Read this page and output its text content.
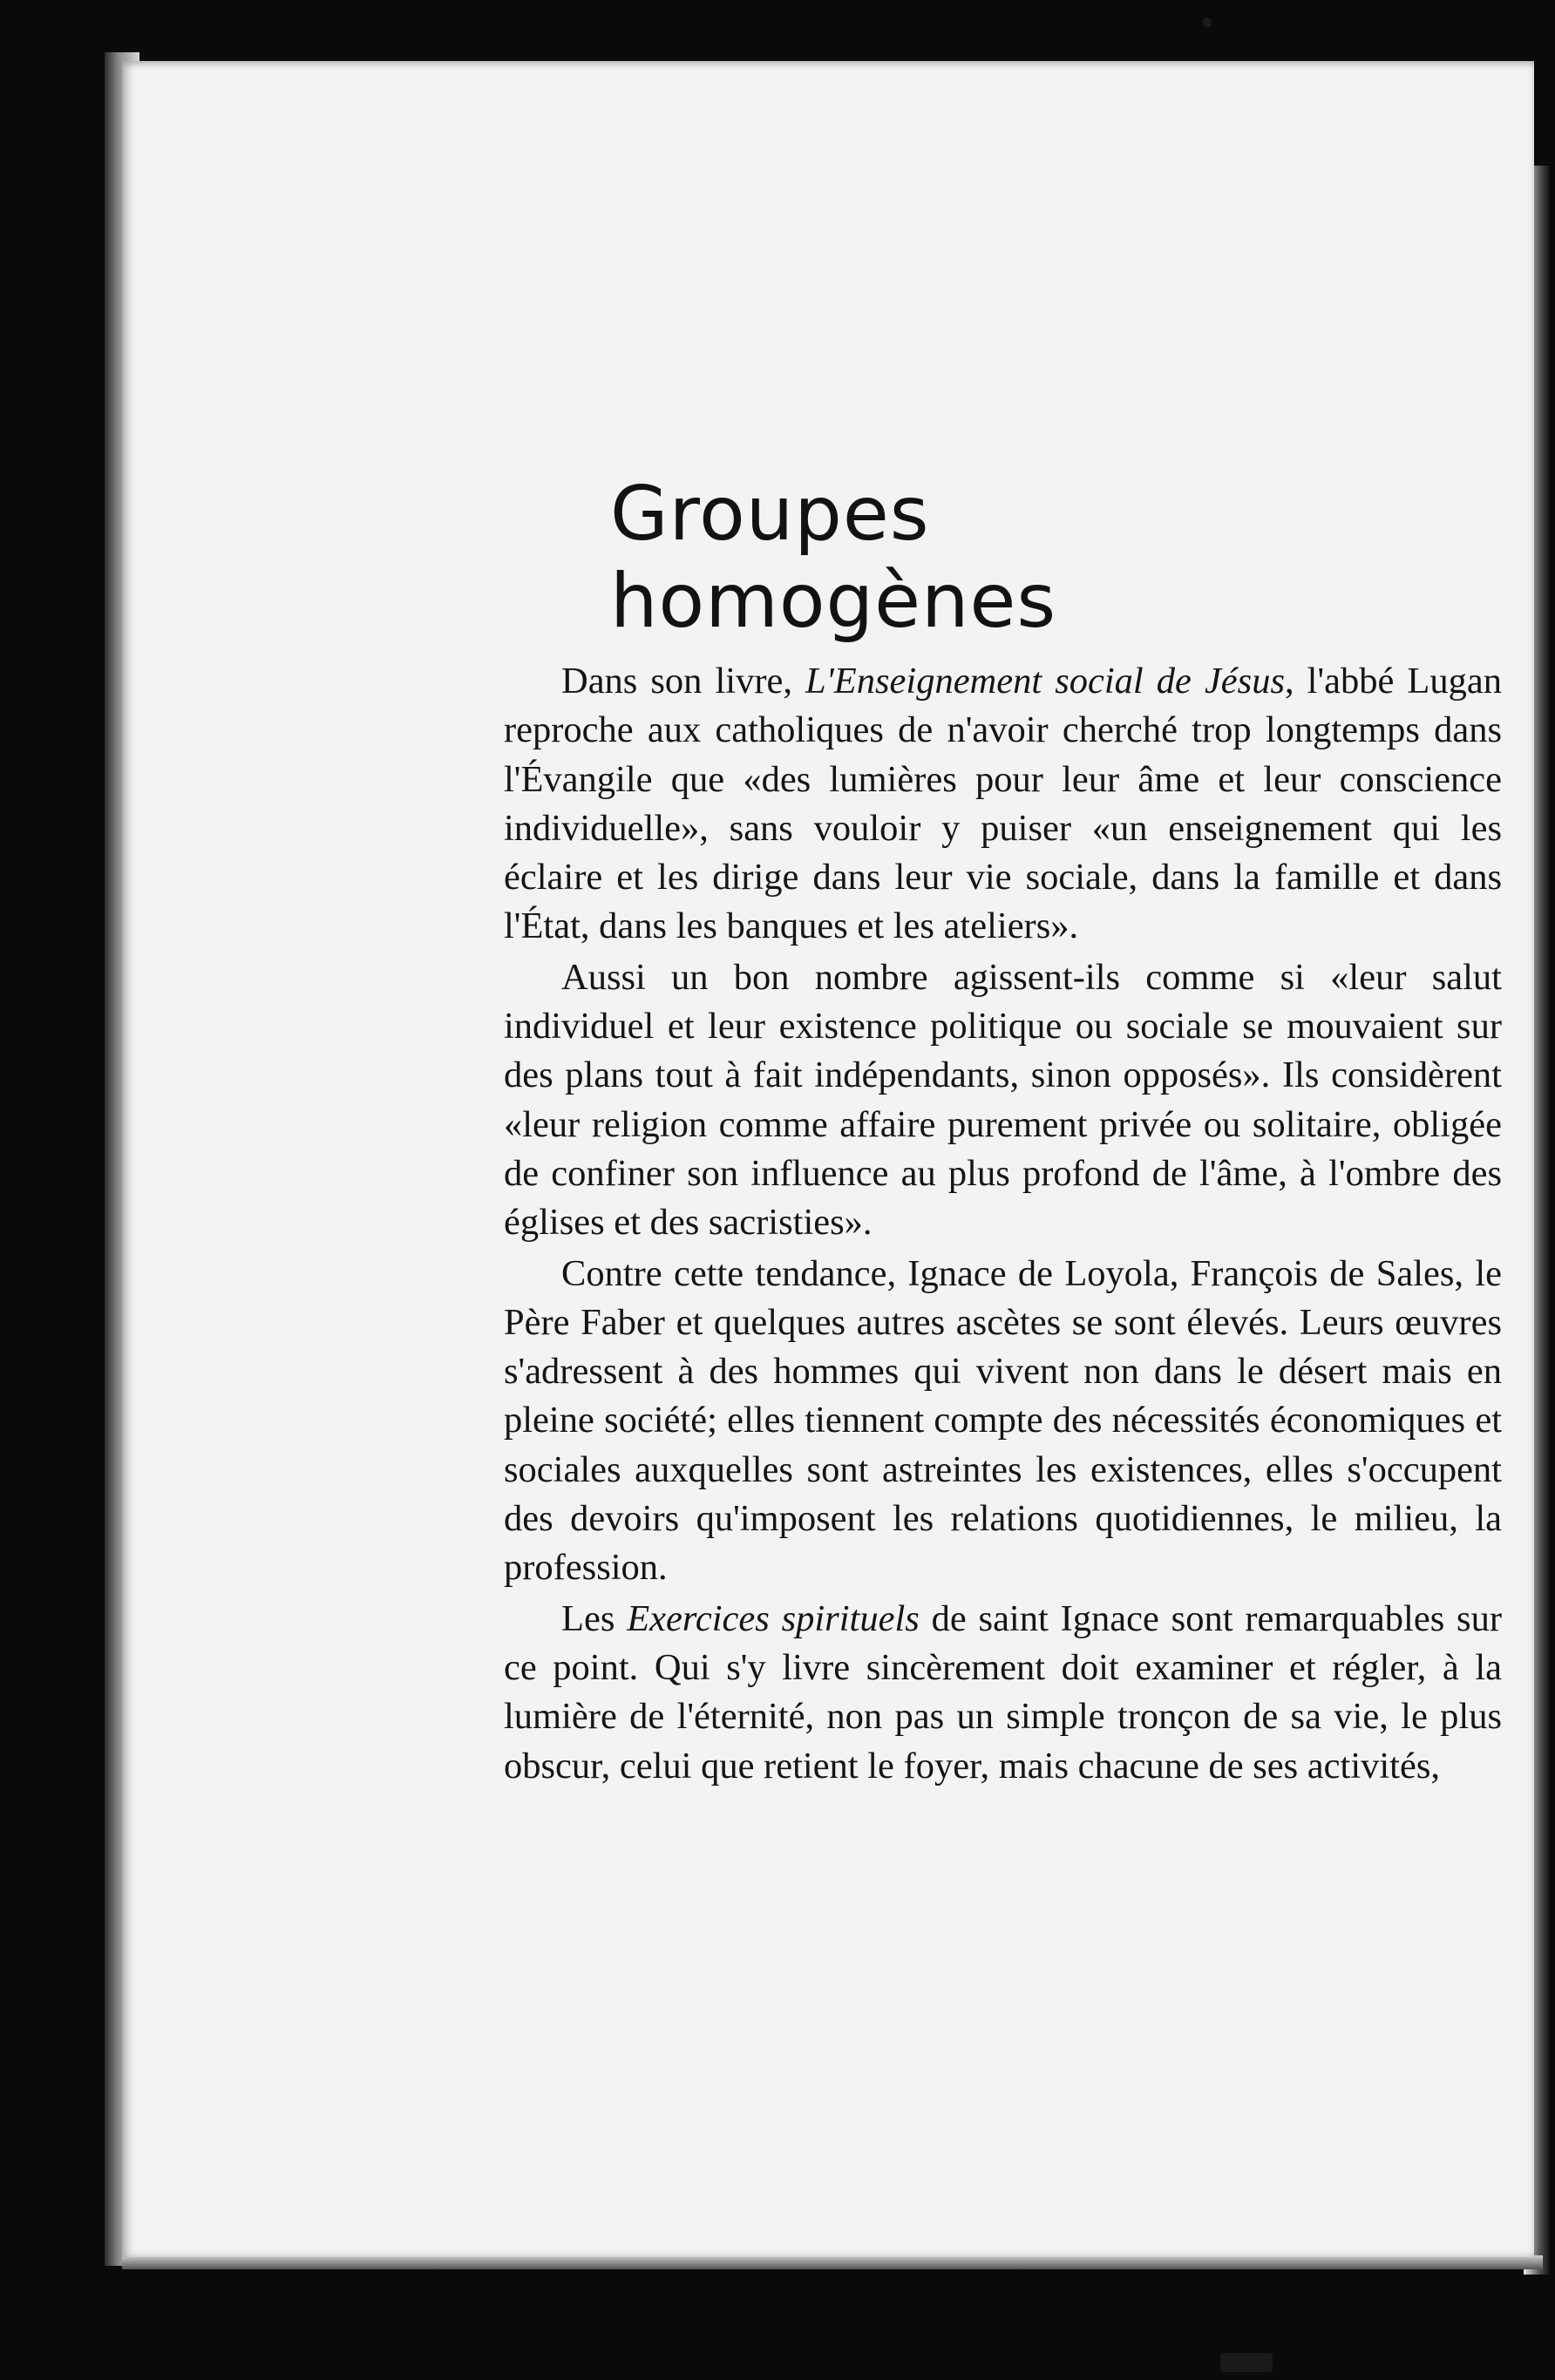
Groupes homogènes

Dans son livre, L'Enseignement social de Jésus, l'abbé Lugan reproche aux catholiques de n'avoir cherché trop longtemps dans l'Évangile que «des lumières pour leur âme et leur conscience individuelle», sans vouloir y puiser «un enseignement qui les éclaire et les dirige dans leur vie sociale, dans la famille et dans l'État, dans les banques et les ateliers».

Aussi un bon nombre agissent-ils comme si «leur salut individuel et leur existence politique ou sociale se mouvaient sur des plans tout à fait indépendants, sinon opposés». Ils considèrent «leur religion comme affaire purement privée ou solitaire, obligée de confiner son influence au plus profond de l'âme, à l'ombre des églises et des sacristies».

Contre cette tendance, Ignace de Loyola, François de Sales, le Père Faber et quelques autres ascètes se sont élevés. Leurs œuvres s'adressent à des hommes qui vivent non dans le désert mais en pleine société; elles tiennent compte des nécessités économiques et sociales auxquelles sont astreintes les existences, elles s'occupent des devoirs qu'imposent les relations quotidiennes, le milieu, la profession.

Les Exercices spirituels de saint Ignace sont remarquables sur ce point. Qui s'y livre sincèrement doit examiner et régler, à la lumière de l'éternité, non pas un simple tronçon de sa vie, le plus obscur, celui que retient le foyer, mais chacune de ses activités,
